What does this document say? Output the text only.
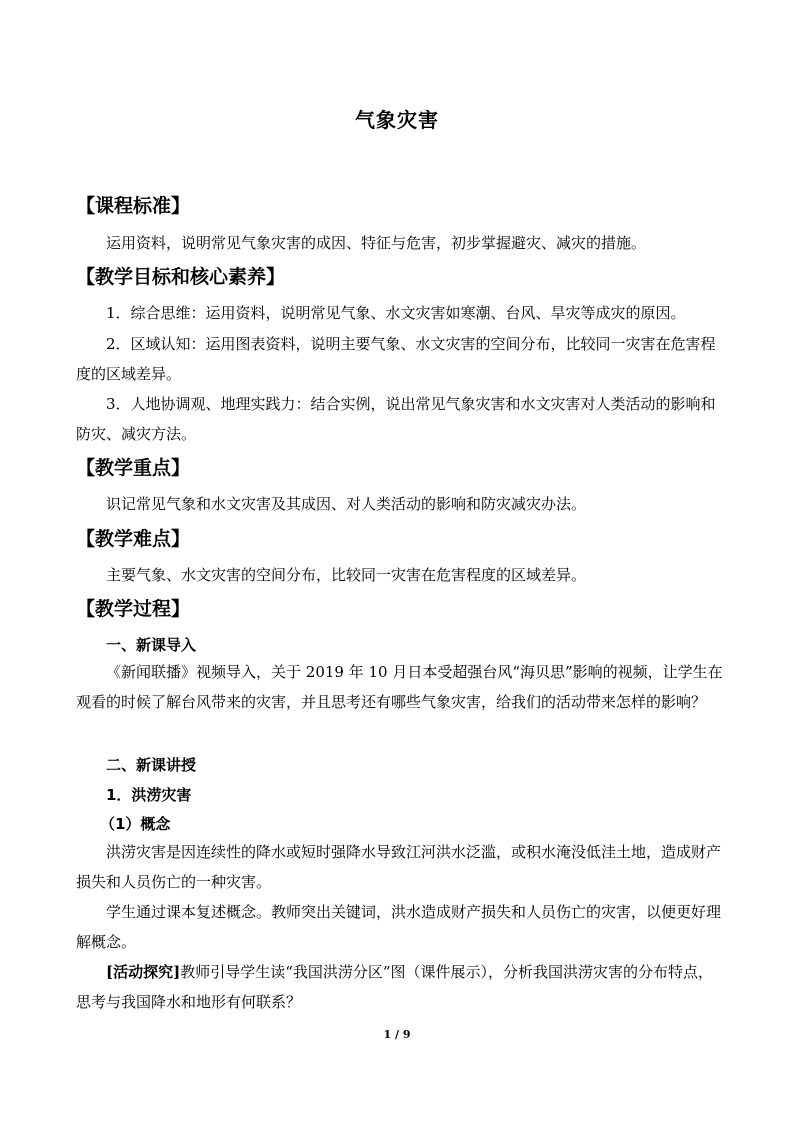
气象灾害
【课程标准】

运用资料，说明常见气象灾害的成因、特征与危害，初步掌握避灾、减灾的措施。

【教学目标和核心素养】

1．综合思维：运用资料，说明常见气象、水文灾害如寒潮、台风、旱灾等成灾的原因。

2．区域认知：运用图表资料，说明主要气象、水文灾害的空间分布，比较同一灾害在危害程度的区域差异。

3．人地协调观、地理实践力：结合实例，说出常见气象灾害和水文灾害对人类活动的影响和防灾、减灾方法。

【教学重点】

识记常见气象和水文灾害及其成因、对人类活动的影响和防灾减灾办法。

【教学难点】

主要气象、水文灾害的空间分布，比较同一灾害在危害程度的区域差异。

【教学过程】
一、新课导入

《新闻联播》视频导入，关于 2019 年 10 月日本受超强台风“海贝思”影响的视频，让学生在观看的时候了解台风带来的灾害，并且思考还有哪些气象灾害，给我们的活动带来怎样的影响？

二、新课讲授
1．洪涝灾害
（1）概念

洪涝灾害是因连续性的降水或短时强降水导致江河洪水泛滥，或积水淹没低洼土地，造成财产损失和人员伤亡的一种灾害。

学生通过课本复述概念。教师突出关键词，洪水造成财产损失和人员伤亡的灾害，以便更好理解概念。

[活动探究]教师引导学生读“我国洪涝分区”图（课件展示），分析我国洪涝灾害的分布特点，思考与我国降水和地形有何联系？

1 / 9
